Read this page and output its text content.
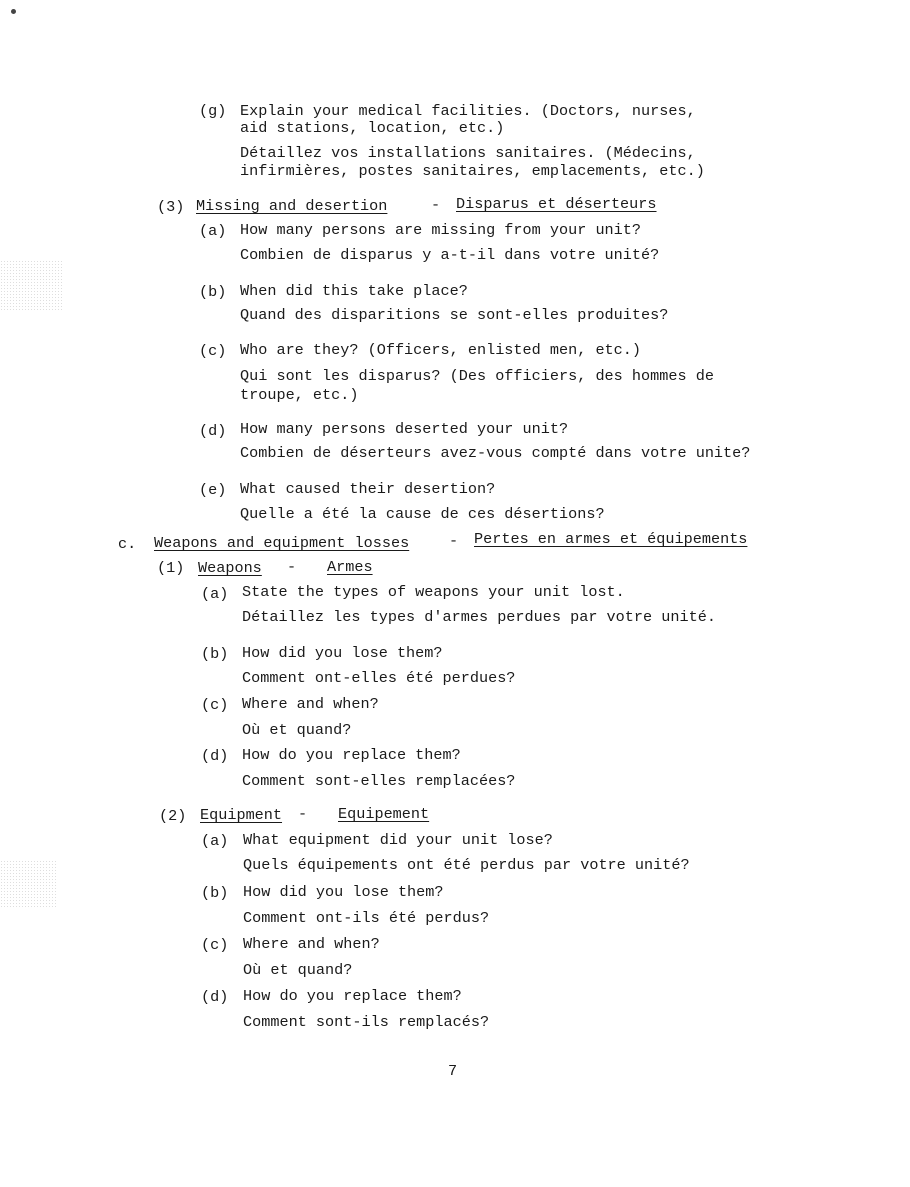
(g) Explain your medical facilities. (Doctors, nurses,
aid stations, location, etc.)
Détaillez vos installations sanitaires. (Médecins,
infirmières, postes sanitaires, emplacements, etc.)
(3) Missing and desertion	- Disparus et déserteurs
(a) How many persons are missing from your unit?
Combien de disparus y a-t-il dans votre unité?
(b) When did this take place?
Quand des disparitions se sont-elles produites?
(c) Who are they? (Officers, enlisted men, etc.)
Qui sont les disparus? (Des officiers, des hommes de
troupe, etc.)
(d) How many persons deserted your unit?
Combien de déserteurs avez-vous compté dans votre unite?
(e) What caused their desertion?
Quelle a été la cause de ces désertions?
c. Weapons and equipment losses	- Pertes en armes et équipements
(1) Weapons - Armes
(a) State the types of weapons your unit lost.
Détaillez les types d'armes perdues par votre unité.
(b) How did you lose them?
Comment ont-elles été perdues?
(c) Where and when?
Où et quand?
(d) How do you replace them?
Comment sont-elles remplacées?
(2) Equipment - Equipement
(a) What equipment did your unit lose?
Quels équipements ont été perdus par votre unité?
(b) How did you lose them?
Comment ont-ils été perdus?
(c) Where and when?
Où et quand?
(d) How do you replace them?
Comment sont-ils remplacés?
7
